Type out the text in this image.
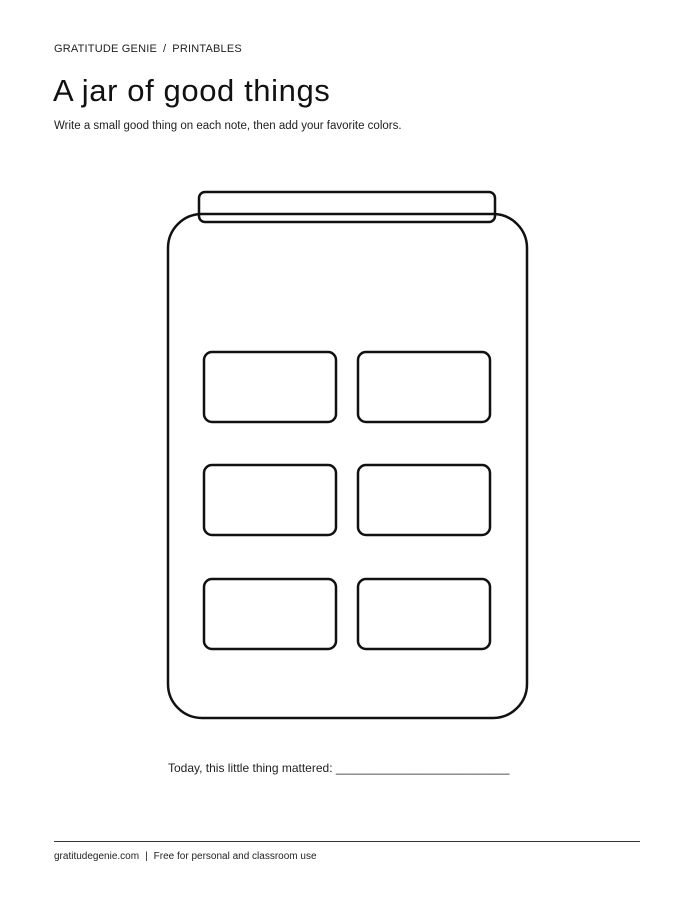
GRATITUDE GENIE / PRINTABLES
A jar of good things
Write a small good thing on each note, then add your favorite colors.
Today, this little thing mattered: __________________________
gratitudegenie.com | Free for personal and classroom use
